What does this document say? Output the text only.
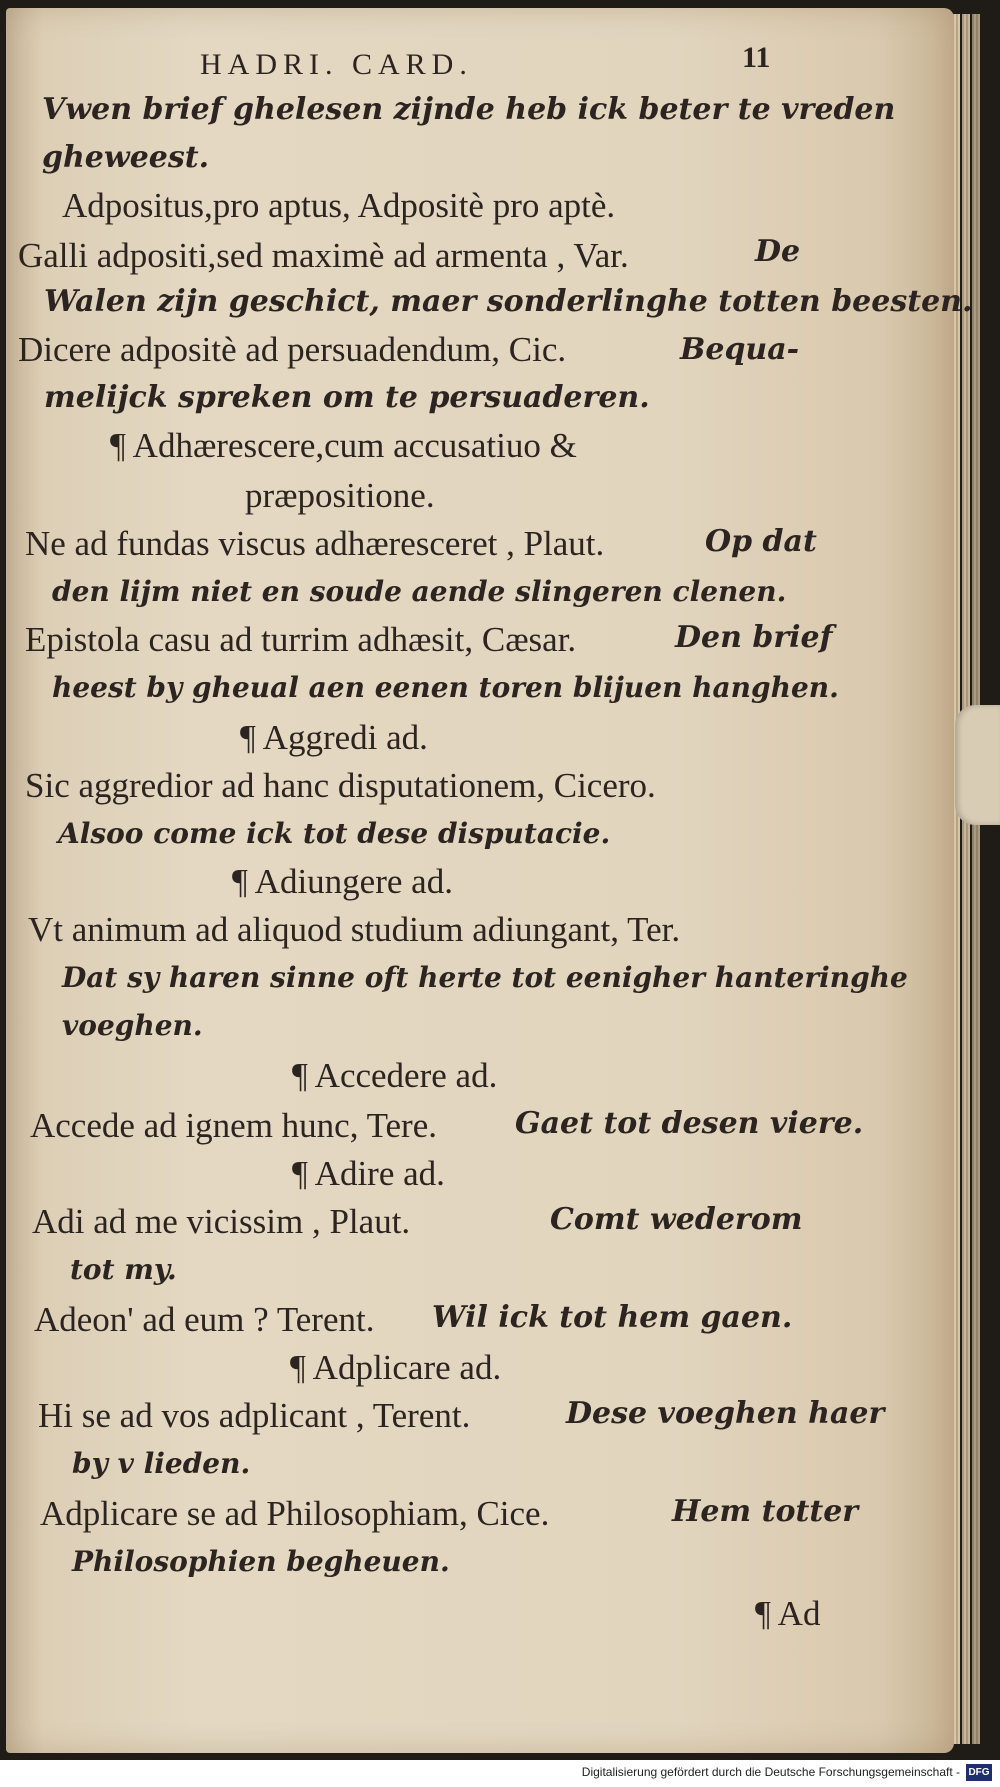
HADRI. CARD.	11
Vwen brief ghelesen zijnde heb ick beter te vreden
gheweest.
Adpositus,pro aptus, Adpositè pro aptè.
Galli adpositi,sed maximè ad armenta , Var.	De
Walen zijn geschict, maer sonderlinghe totten beesten.
Dicere adpositè ad persuadendum, Cic.	Bequa-
melijck spreken om te persuaderen.
¶ Adhærescere,cum accusatiuo &
præpositione.
Ne ad fundas viscus adhæresceret , Plaut.	Op dat
den lijm niet en soude aende slingeren clenen.
Epistola casu ad turrim adhæsit, Cæsar.	Den brief
heest by gheual aen eenen toren blijuen hanghen.
¶ Aggredi ad.
Sic aggredior ad hanc disputationem, Cicero.
Alsoo come ick tot dese disputacie.
¶ Adiungere ad.
Vt animum ad aliquod studium adiungant, Ter.
Dat sy haren sinne oft herte tot eenigher hanteringhe
voeghen.
¶ Accedere ad.
Accede ad ignem hunc, Tere.	Gaet tot desen viere.
¶ Adire ad.
Adi ad me vicissim , Plaut.	Comt wederom
tot my.
Adeon' ad eum ? Terent. Wil ick tot hem gaen.
¶ Adplicare ad.
Hi se ad vos adplicant , Terent.	Dese voeghen haer
by v lieden.
Adplicare se ad Philosophiam, Cice.	Hem totter
Philosophien begheuen.
¶ Ad
Digitalisierung gefördert durch die Deutsche Forschungsgemeinschaft - DFG
